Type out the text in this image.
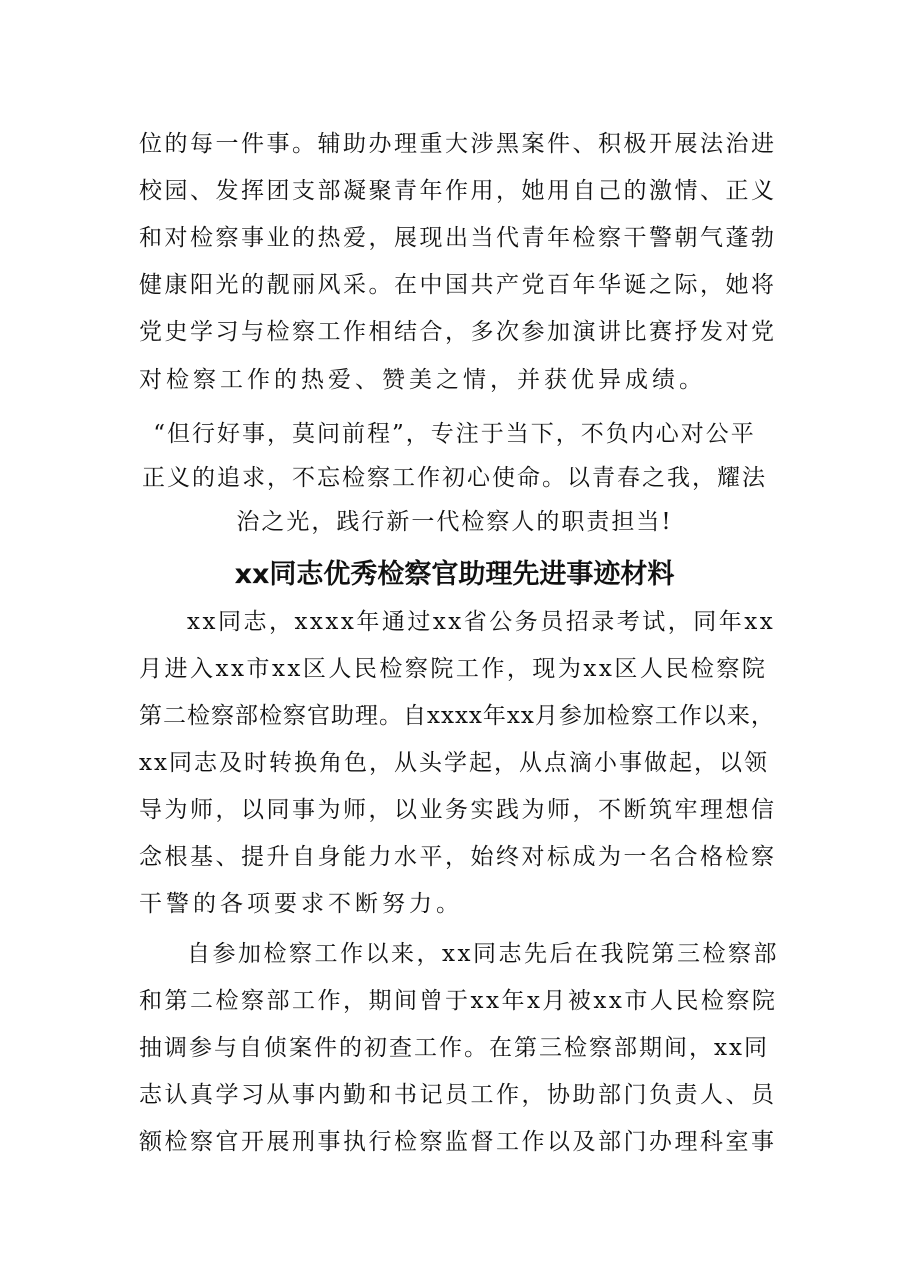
位的每一件事。辅助办理重大涉黑案件、积极开展法治进
校园、发挥团支部凝聚青年作用，她用自己的激情、正义
和对检察事业的热爱，展现出当代青年检察干警朝气蓬勃
健康阳光的靓丽风采。在中国共产党百年华诞之际，她将
党史学习与检察工作相结合，多次参加演讲比赛抒发对党
对检察工作的热爱、赞美之情，并获优异成绩。
“但行好事，莫问前程”，专注于当下，不负内心对公平
正义的追求，不忘检察工作初心使命。以青春之我，耀法
治之光，践行新一代检察人的职责担当!
xx同志优秀检察官助理先进事迹材料
xx同志，xxxx年通过xx省公务员招录考试，同年xx
月进入xx市xx区人民检察院工作，现为xx区人民检察院
第二检察部检察官助理。自xxxx年xx月参加检察工作以来，
xx同志及时转换角色，从头学起，从点滴小事做起，以领
导为师，以同事为师，以业务实践为师，不断筑牢理想信
念根基、提升自身能力水平，始终对标成为一名合格检察
干警的各项要求不断努力。
自参加检察工作以来，xx同志先后在我院第三检察部
和第二检察部工作，期间曾于xx年x月被xx市人民检察院
抽调参与自侦案件的初查工作。在第三检察部期间，xx同
志认真学习从事内勤和书记员工作，协助部门负责人、员
额检察官开展刑事执行检察监督工作以及部门办理科室事
